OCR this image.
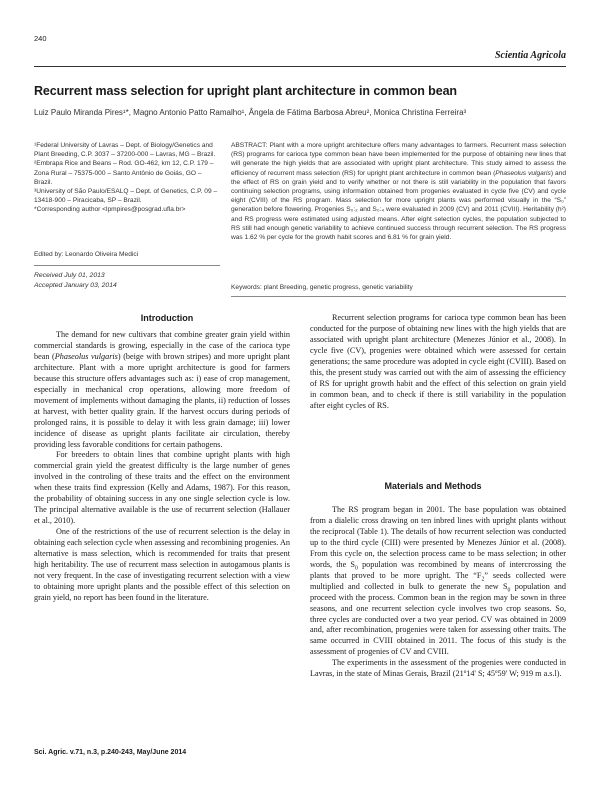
240
Scientia Agricola
Recurrent mass selection for upright plant architecture in common bean
Luiz Paulo Miranda Pires¹*, Magno Antonio Patto Ramalho¹, Ângela de Fátima Barbosa Abreu², Monica Christina Ferreira³

¹Federal University of Lavras – Dept. of Biology/Genetics and Plant Breeding, C.P. 3037 – 37200-000 – Lavras, MG – Brazil.

²Embrapa Rice and Beans – Rod. GO-462, km 12, C.P. 179 – Zona Rural – 75375-000 – Santo Antônio de Goiás, GO – Brazil.

³University of São Paulo/ESALQ – Dept. of Genetics, C.P. 09 – 13418-900 – Piracicaba, SP – Brazil.

*Corresponding author <lpmpires@posgrad.ufla.br>

Edited by: Leonardo Oliveira Medici
Received July 01, 2013
Accepted January 03, 2014
ABSTRACT: Plant with a more upright architecture offers many advantages to farmers. Recurrent mass selection (RS) programs for carioca type common bean have been implemented for the purpose of obtaining new lines that will generate the high yields that are associated with upright plant architecture. This study aimed to assess the efficiency of recurrent mass selection (RS) for upright plant architecture in common bean (Phaseolus vulgaris) and the effect of RS on grain yield and to verify whether or not there is still variability in the population that favors continuing selection programs, using information obtained from progenies evaluated in cycle five (CV) and cycle eight (CVIII) of the RS program. Mass selection for more upright plants was performed visually in the “S₀” generation before flowering. Progenies S₀:₂ and S₀:₄ were evaluated in 2009 (CV) and 2011 (CVIII). Heritability (h²) and RS progress were estimated using adjusted means. After eight selection cycles, the population subjected to RS still had enough genetic variability to achieve continued success through recurrent selection. The RS progress was 1.62 % per cycle for the growth habit scores and 6.81 % for grain yield.
Keywords: plant Breeding, genetic progress, genetic variability
Introduction

The demand for new cultivars that combine greater grain yield within commercial standards is growing, especially in the case of the carioca type bean (Phaseolus vulgaris) (beige with brown stripes) and more upright plant architecture. Plant with a more upright architecture is good for farmers because this structure offers advantages such as: i) ease of crop management, especially in mechanical crop operations, allowing more freedom of movement of implements without damaging the plants, ii) reduction of losses at harvest, with better quality grain. If the harvest occurs during periods of prolonged rains, it is possible to delay it with less grain damage; iii) lower incidence of disease as upright plants facilitate air circulation, thereby providing less favorable conditions for certain pathogens.

For breeders to obtain lines that combine upright plants with high commercial grain yield the greatest difficulty is the large number of genes involved in the controling of these traits and the effect on the environment when these traits find expression (Kelly and Adams, 1987). For this reason, the probability of obtaining success in any one single selection cycle is low. The principal alternative available is the use of recurrent selection (Hallauer et al., 2010).

One of the restrictions of the use of recurrent selection is the delay in obtaining each selection cycle when assessing and recombining progenies. An alternative is mass selection, which is recommended for traits that present high heritability. The use of recurrent mass selection in autogamous plants is not very frequent. In the case of investigating recurrent selection with a view to obtaining more upright plants and the possible effect of this selection on grain yield, no report has been found in the literature.

Recurrent selection programs for carioca type common bean has been conducted for the purpose of obtaining new lines with the high yields that are associated with upright plant architecture (Menezes Júnior et al., 2008). In cycle five (CV), progenies were obtained which were assessed for certain generations; the same procedure was adopted in cycle eight (CVIII). Based on this, the present study was carried out with the aim of assessing the efficiency of RS for upright growth habit and the effect of this selection on grain yield in common bean, and to check if there is still variability in the population after eight cycles of RS.

Materials and Methods

The RS program began in 2001. The base population was obtained from a dialelic cross drawing on ten inbred lines with upright plants without the reciprocal (Table 1). The details of how recurrent selection was conducted up to the third cycle (CIII) were presented by Menezes Júnior et al. (2008). From this cycle on, the selection process came to be mass selection; in other words, the $S_0$ population was recombined by means of intercrossing the plants that proved to be more upright. The “$F_2$” seeds collected were multiplied and collected in bulk to generate the new $S_0$ population and proceed with the process. Common bean in the region may be sown in three seasons, and one recurrent selection cycle involves two crop seasons. So, three cycles are conducted over a two year period. CV was obtained in 2009 and, after recombination, progenies were taken for assessing other traits. The same occurred in CVIII obtained in 2011. The focus of this study is the assessment of progenies of CV and CVIII.

The experiments in the assessment of the progenies were conducted in Lavras, in the state of Minas Gerais, Brazil (21º14' S; 45º59' W; 919 m a.s.l).

Sci. Agric. v.71, n.3, p.240-243, May/June 2014
